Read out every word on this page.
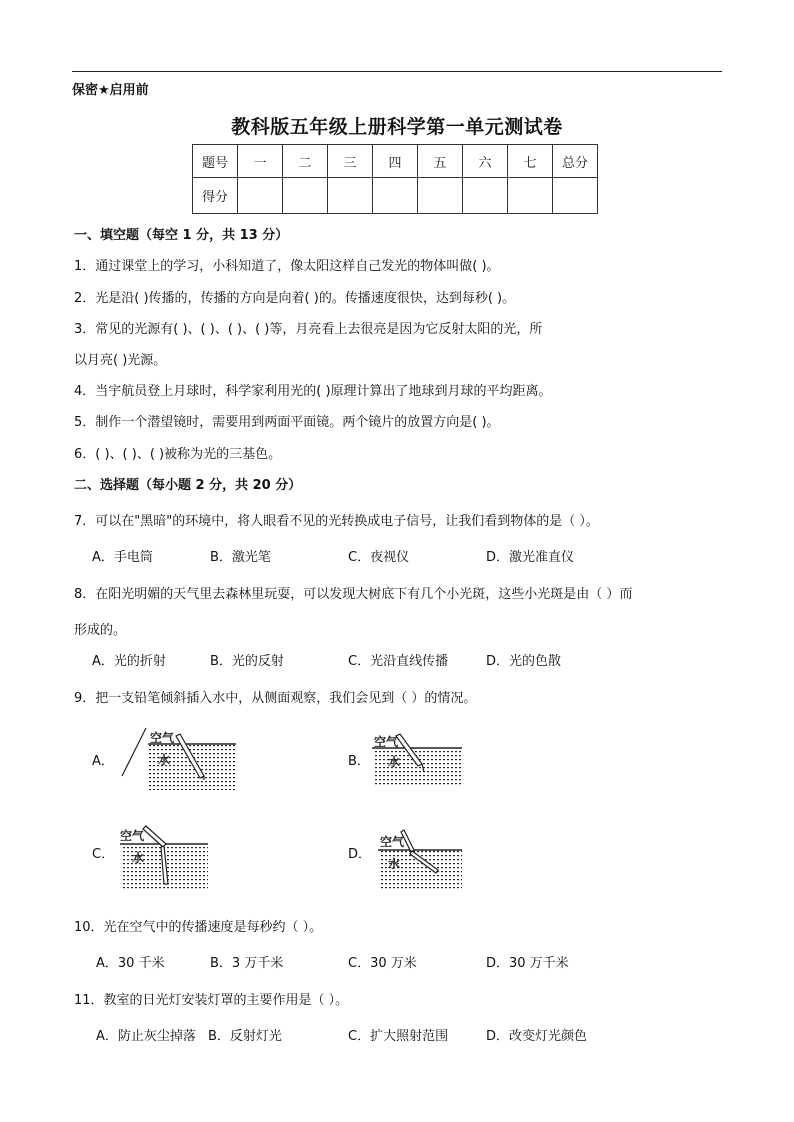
保密★启用前
教科版五年级上册科学第一单元测试卷
题号	一	二	三	四	五	六	七	总分
得分								
一、填空题（每空 1 分，共 13 分）
1．通过课堂上的学习，小科知道了，像太阳这样自己发光的物体叫做( )。
2．光是沿( )传播的，传播的方向是向着( )的。传播速度很快，达到每秒( )。
3．常见的光源有( )、( )、( )、( )等，月亮看上去很亮是因为它反射太阳的光，所
以月亮( )光源。
4．当宇航员登上月球时，科学家利用光的( )原理计算出了地球到月球的平均距离。
5．制作一个潜望镜时，需要用到两面平面镜。两个镜片的放置方向是( )。
6．( )、( )、( )被称为光的三基色。
二、选择题（每小题 2 分，共 20 分）
7．可以在"黑暗"的环境中，将人眼看不见的光转换成电子信号，让我们看到物体的是（ ）。
A．手电筒	B．激光笔	C．夜视仪	D．激光准直仪
8．在阳光明媚的天气里去森林里玩耍，可以发现大树底下有几个小光斑，这些小光斑是由（ ）而
形成的。
A．光的折射	B．光的反射	C．光沿直线传播	D．光的色散
9．把一支铅笔倾斜插入水中，从侧面观察，我们会见到（ ）的情况。
A．	B．
C．	D．
空气
水
空气
水
空气
水
空气
水
10．光在空气中的传播速度是每秒约（ ）。
A．30 千米	B．3 万千米	C．30 万米	D．30 万千米
11．教室的日光灯安装灯罩的主要作用是（ ）。
A．防止灰尘掉落 B．反射灯光	C．扩大照射范围	D．改变灯光颜色
